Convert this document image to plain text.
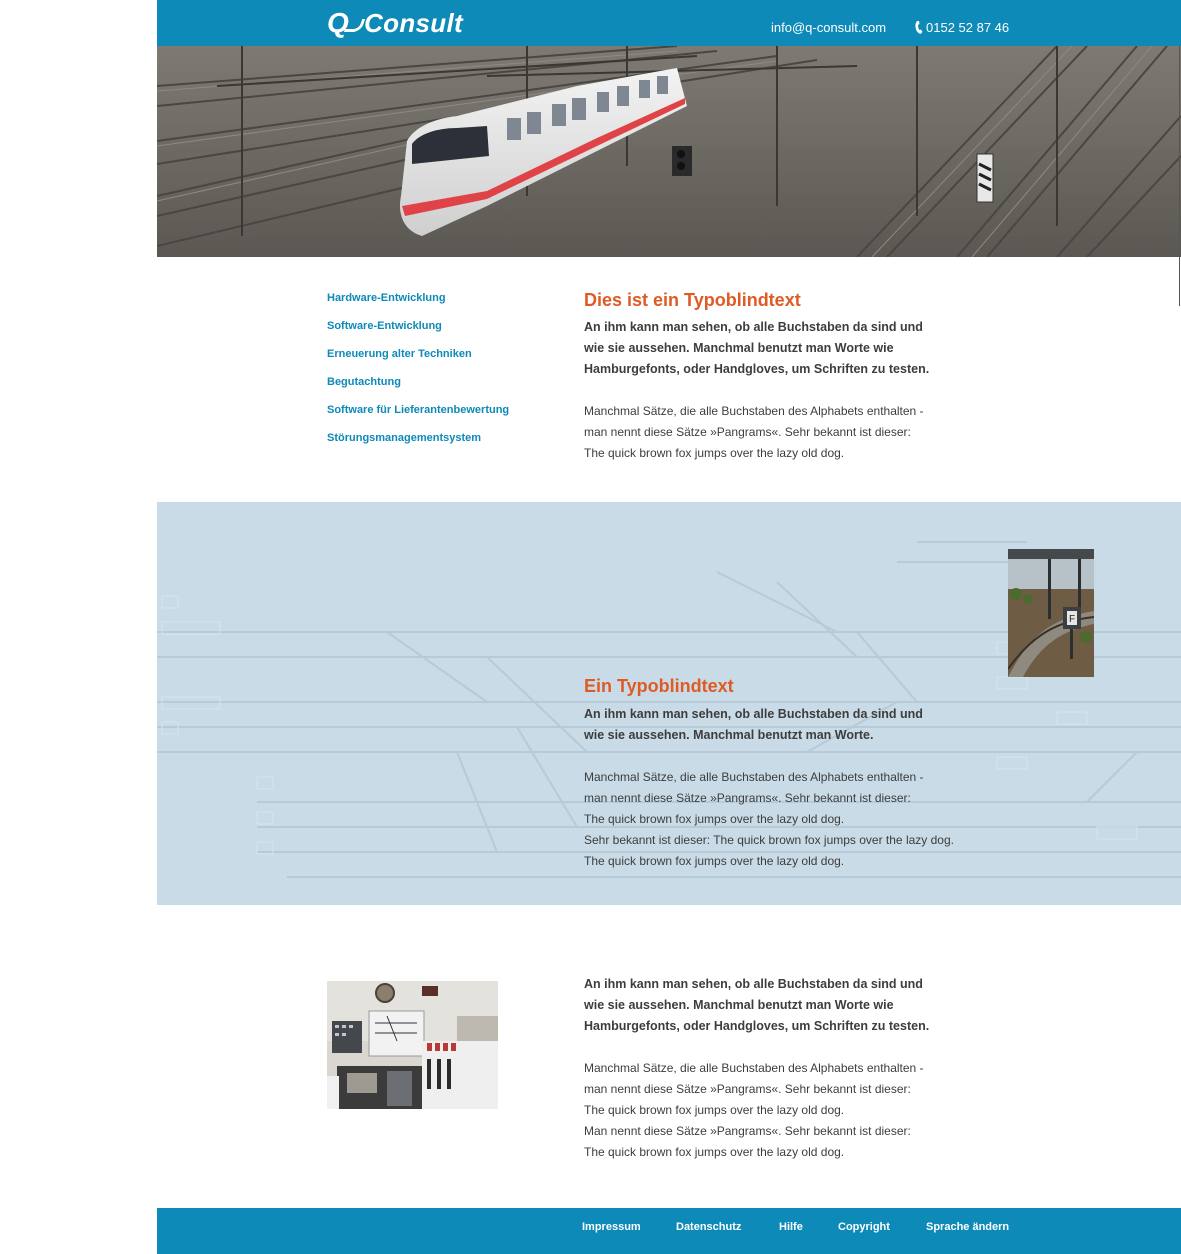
Q Consult	info@q-consult.com	0152 52 87 46
Hardware-Entwicklung
Software-Entwicklung
Erneuerung alter Techniken
Begutachtung
Software für Lieferantenbewertung
Störungsmanagementsystem
Dies ist ein Typoblindtext

An ihm kann man sehen, ob alle Buchstaben da sind und
wie sie aussehen. Manchmal benutzt man Worte wie
Hamburgefonts, oder Handgloves, um Schriften zu testen.

Manchmal Sätze, die alle Buchstaben des Alphabets enthalten -
man nennt diese Sätze »Pangrams«. Sehr bekannt ist dieser:
The quick brown fox jumps over the lazy old dog.

F
Ein Typoblindtext

An ihm kann man sehen, ob alle Buchstaben da sind und
wie sie aussehen. Manchmal benutzt man Worte.

Manchmal Sätze, die alle Buchstaben des Alphabets enthalten -
man nennt diese Sätze »Pangrams«. Sehr bekannt ist dieser:
The quick brown fox jumps over the lazy old dog.
Sehr bekannt ist dieser: The quick brown fox jumps over the lazy dog.
The quick brown fox jumps over the lazy old dog.

An ihm kann man sehen, ob alle Buchstaben da sind und
wie sie aussehen. Manchmal benutzt man Worte wie
Hamburgefonts, oder Handgloves, um Schriften zu testen.

Manchmal Sätze, die alle Buchstaben des Alphabets enthalten -
man nennt diese Sätze »Pangrams«. Sehr bekannt ist dieser:
The quick brown fox jumps over the lazy old dog.
Man nennt diese Sätze »Pangrams«. Sehr bekannt ist dieser:
The quick brown fox jumps over the lazy old dog.

Impressum	Datenschutz	Hilfe	Copyright	Sprache ändern
